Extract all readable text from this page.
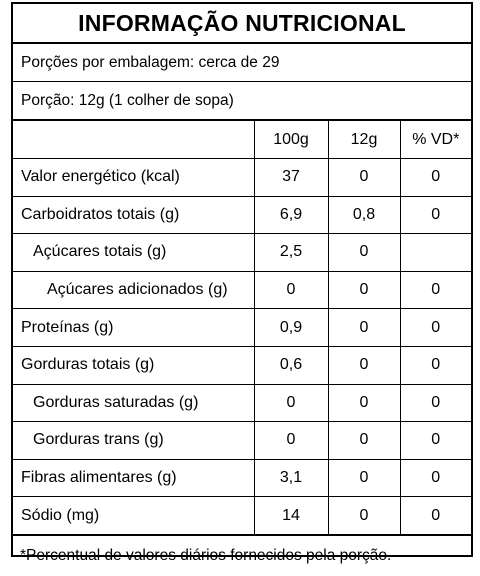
INFORMAÇÃO NUTRICIONAL
Porções por embalagem: cerca de 29
Porção: 12g (1 colher de sopa)
	100g	12g	% VD*
Valor energético (kcal)	37	0	0
Carboidratos totais (g)	6,9	0,8	0
Açúcares totais (g)	2,5	0	
Açúcares adicionados (g)	0	0	0
Proteínas (g)	0,9	0	0
Gorduras totais (g)	0,6	0	0
Gorduras saturadas (g)	0	0	0
Gorduras trans (g)	0	0	0
Fibras alimentares (g)	3,1	0	0
Sódio (mg)	14	0	0
*Percentual de valores diários fornecidos pela porção.
